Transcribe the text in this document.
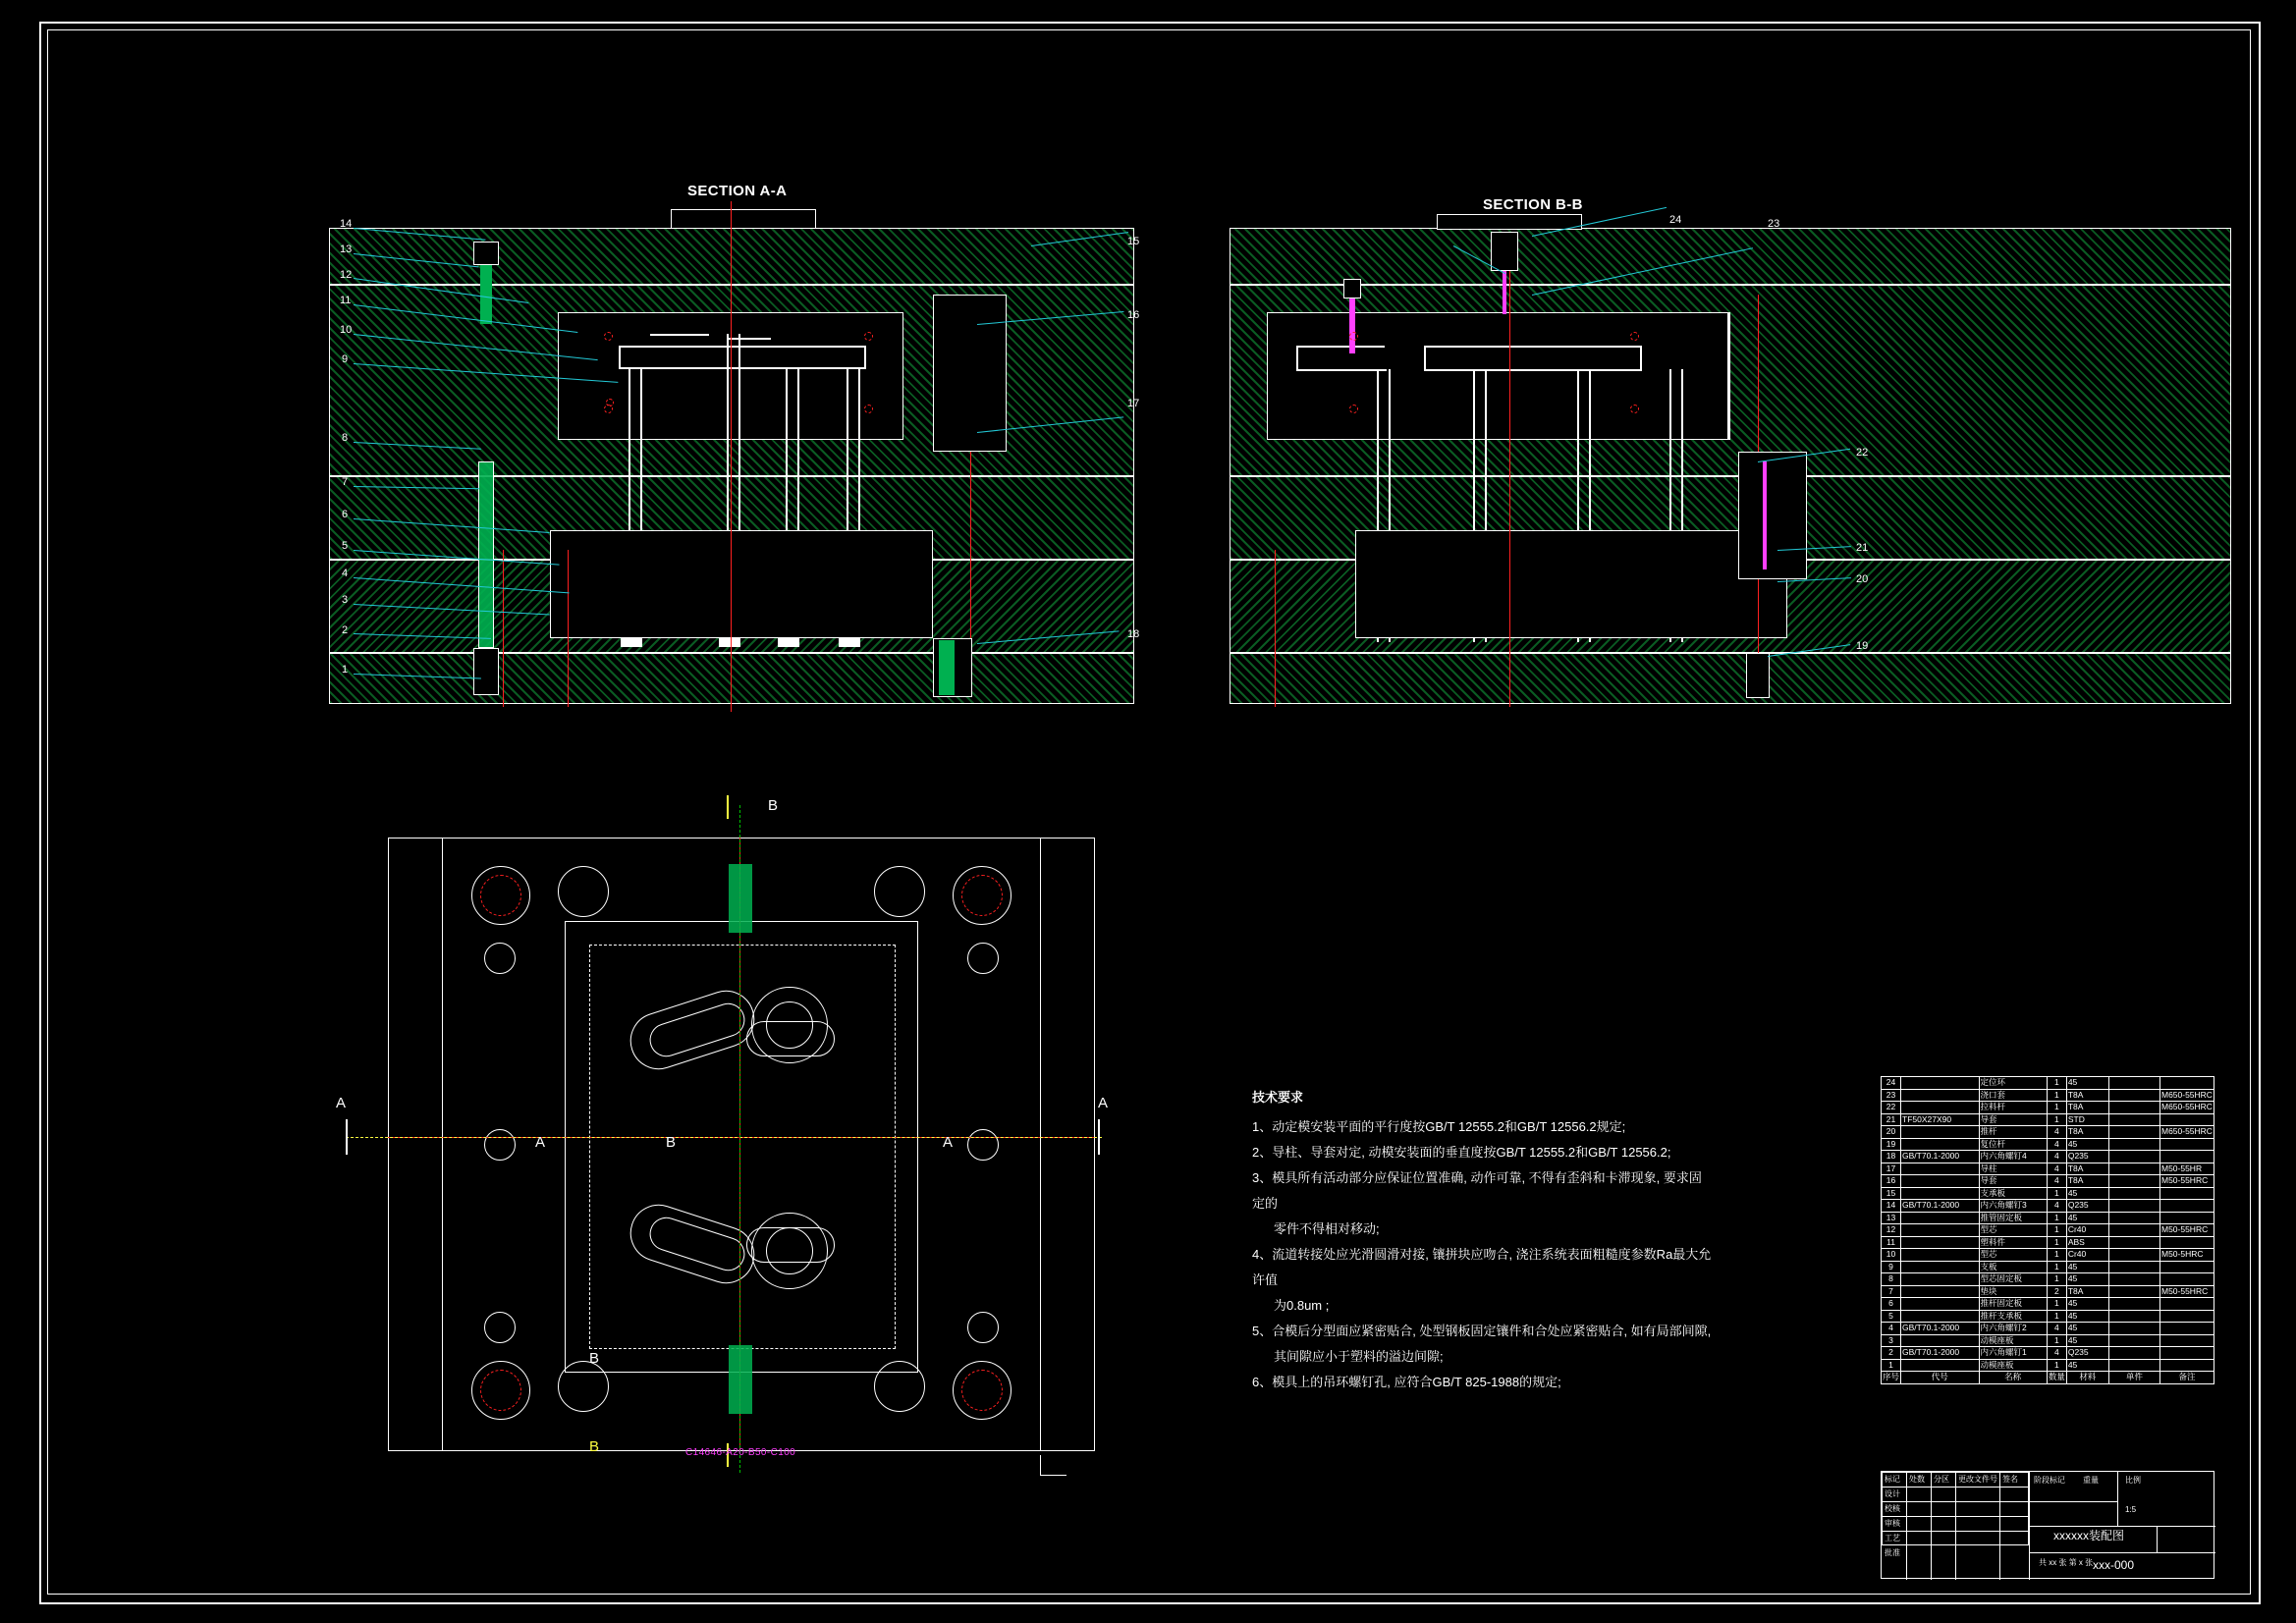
SECTION A-A
14
13
12
11
10
9
8
7
6
5
4
3
2
1
15
16
17
18
SECTION B-B
24	23
22
21
20
19
A	A
A	A
B
B
B
B
C14646-A20-B50-C100

技术要求

1、动定模安装平面的平行度按GB/T 12555.2和GB/T 12556.2规定;

2、导柱、导套对定, 动模安装面的垂直度按GB/T 12555.2和GB/T 12556.2;

3、模具所有活动部分应保证位置准确, 动作可靠, 不得有歪斜和卡滞现象, 要求固定的

零件不得相对移动;

4、流道转接处应光滑圆滑对接, 镶拼块应吻合, 浇注系统表面粗糙度参数Ra最大允许值

为0.8um ;

5、合模后分型面应紧密贴合, 处型钢板固定镶件和合处应紧密贴合, 如有局部间隙,

其间隙应小于塑料的溢边间隙;

6、模具上的吊环螺钉孔, 应符合GB/T 825-1988的规定;

24		定位环	1	45		
23		浇口套	1	T8A		M650-55HRC
22		拉料杆	1	T8A		M650-55HRC
21	TF50X27X90	导套	1	STD		
20		推杆	4	T8A		M650-55HRC
19		复位杆	4	45		
18	GB/T70.1-2000	内六角螺钉4	4	Q235		
17		导柱	4	T8A		M50-55HR
16		导套	4	T8A		M50-55HRC
15		支承板	1	45		
14	GB/T70.1-2000	内六角螺钉3	4	Q235		
13		推管固定板	1	45		
12		型芯	1	Cr40		M50-55HRC
11		塑料件	1	ABS		
10		型芯	1	Cr40		M50-5HRC
9		支板	1	45		
8		型芯固定板	1	45		
7		垫块	2	T8A		M50-55HRC
6		推杆固定板	1	45		
5		推杆支承板	1	45		
4	GB/T70.1-2000	内六角螺钉2	4	45		
3		动模座板	1	45		
2	GB/T70.1-2000	内六角螺钉1	4	Q235		
1		动模座板	1	45		
序号	代号	名称	数量	材料	单件	备注
阶段标记 重量	比例
1:5
xxxxxx装配图
xxx-000
共 xx 张 第 x 张
标记 处数 分区 更改文件号 签名
设计
校核
审核
工艺
批准
